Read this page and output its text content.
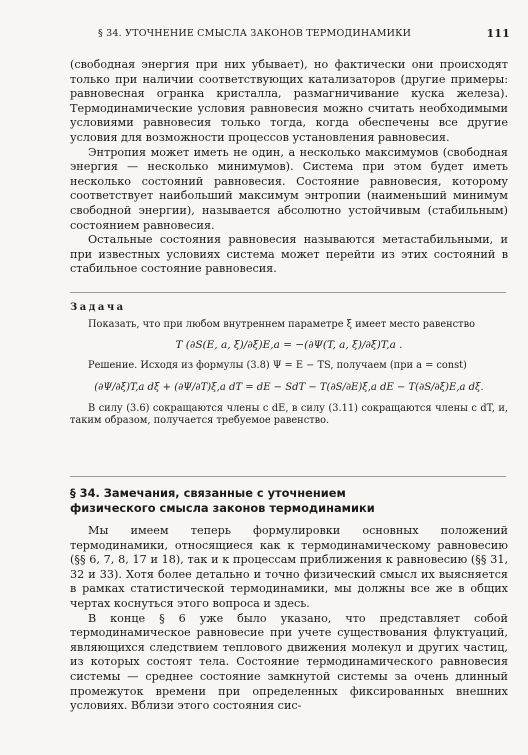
§ 34. УТОЧНЕНИЕ СМЫСЛА ЗАКОНОВ ТЕРМОДИНАМИКИ	111

(свободная энергия при них убывает), но фактически они происходят только при наличии соответствующих катализаторов (другие примеры: равновесная огранка кристалла, размагничивание куска железа). Термодинамические условия равновесия можно считать необходимыми условиями равновесия только тогда, когда обеспечены все другие условия для возможности процессов установления равновесия.

Энтропия может иметь не один, а несколько максимумов (свободная энергия — несколько минимумов). Система при этом будет иметь несколько состояний равновесия. Состояние равновесия, которому соответствует наибольший максимум энтропии (наименьший минимум свободной энергии), называется абсолютно устойчивым (стабильным) состоянием равновесия.

Остальные состояния равновесия называются метастабильными, и при известных условиях система может перейти из этих состояний в стабильное состояние равновесия.

Задача

Показать, что при любом внутреннем параметре ξ имеет место равенство

T (∂S(E, a, ξ)/∂ξ)E,a = −(∂Ψ(T, a, ξ)/∂ξ)T,a .

Решение. Исходя из формулы (3.8) Ψ = E − TS, получаем (при a = const)

(∂Ψ/∂ξ)T,a dξ + (∂Ψ/∂T)ξ,a dT = dE − SdT − T(∂S/∂E)ξ,a dE − T(∂S/∂ξ)E,a dξ.

В силу (3.6) сокращаются члены с dE, в силу (3.11) сокращаются члены с dT, и, таким образом, получается требуемое равенство.

§ 34. Замечания, связанные с уточнением

физического смысла законов термодинамики

Мы имеем теперь формулировки основных положений термодинамики, относящиеся как к термодинамическому равновесию (§§ 6, 7, 8, 17 и 18), так и к процессам приближения к равновесию (§§ 31, 32 и 33). Хотя более детально и точно физический смысл их выясняется в рамках статистической термодинамики, мы должны все же в общих чертах коснуться этого вопроса и здесь.

В конце § 6 уже было указано, что представляет собой термодинамическое равновесие при учете существования флуктуаций, являющихся следствием теплового движения молекул и других частиц, из которых состоят тела. Состояние термодинамического равновесия системы — среднее состояние замкнутой системы за очень длинный промежуток времени при определенных фиксированных внешних условиях. Вблизи этого состояния сис-
